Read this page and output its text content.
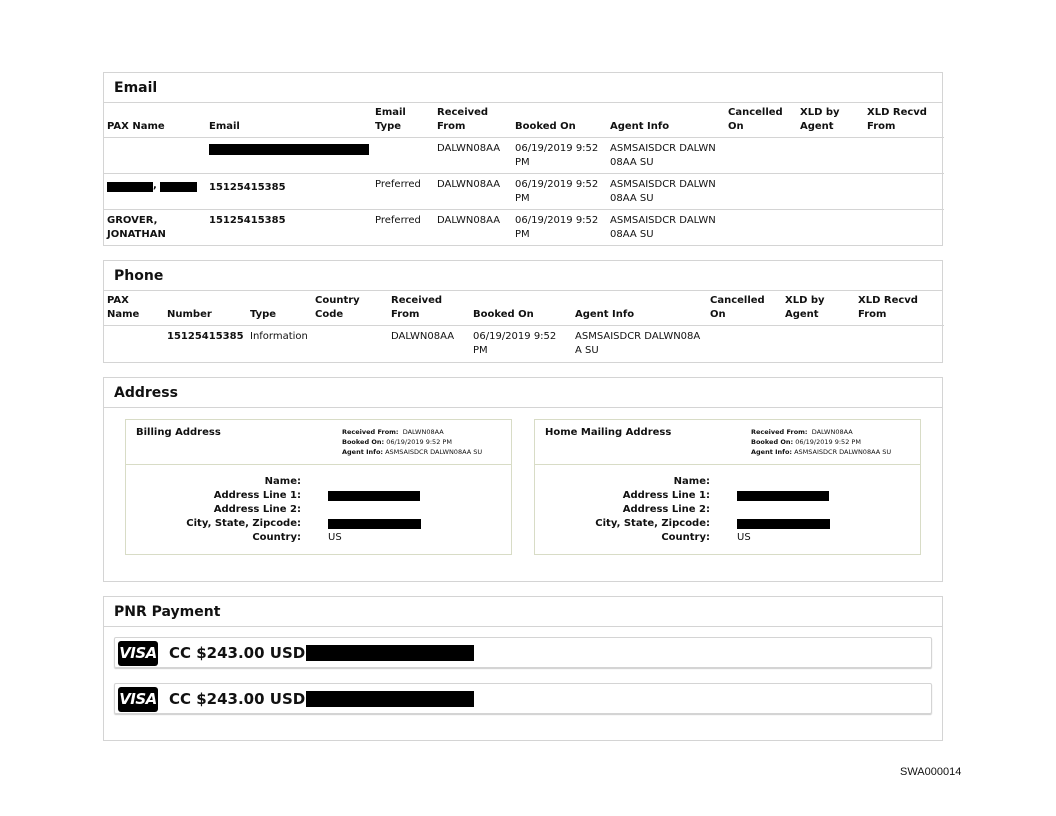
Email
PAX Name	Email	Email Type	Received From	Booked On	Agent Info	Cancelled On	XLD by Agent	XLD Recvd From
			DALWN08AA	06/19/2019 9:52 PM	ASMSAISDCR DALWN 08AA SU			
,	15125415385	Preferred	DALWN08AA	06/19/2019 9:52 PM	ASMSAISDCR DALWN 08AA SU			
GROVER, JONATHAN	15125415385	Preferred	DALWN08AA	06/19/2019 9:52 PM	ASMSAISDCR DALWN 08AA SU			
Phone
PAX Name	Number	Type	Country Code	Received From	Booked On	Agent Info	Cancelled On	XLD by Agent	XLD Recvd From
	15125415385	Information		DALWN08AA	06/19/2019 9:52 PM	ASMSAISDCR DALWN08A A SU			
Address
Billing Address	Received From: DALWN08AA
Booked On: 06/19/2019 9:52 PM
Agent Info: ASMSAISDCR DALWN08AA SU
Name:
Address Line 1:
Address Line 2:
City, State, Zipcode:
Country:	US
Home Mailing Address	Received From: DALWN08AA
Booked On: 06/19/2019 9:52 PM
Agent Info: ASMSAISDCR DALWN08AA SU
Name:
Address Line 1:
Address Line 2:
City, State, Zipcode:
Country:	US
PNR Payment
VISA CC $243.00 USD
VISA CC $243.00 USD
SWA000014
